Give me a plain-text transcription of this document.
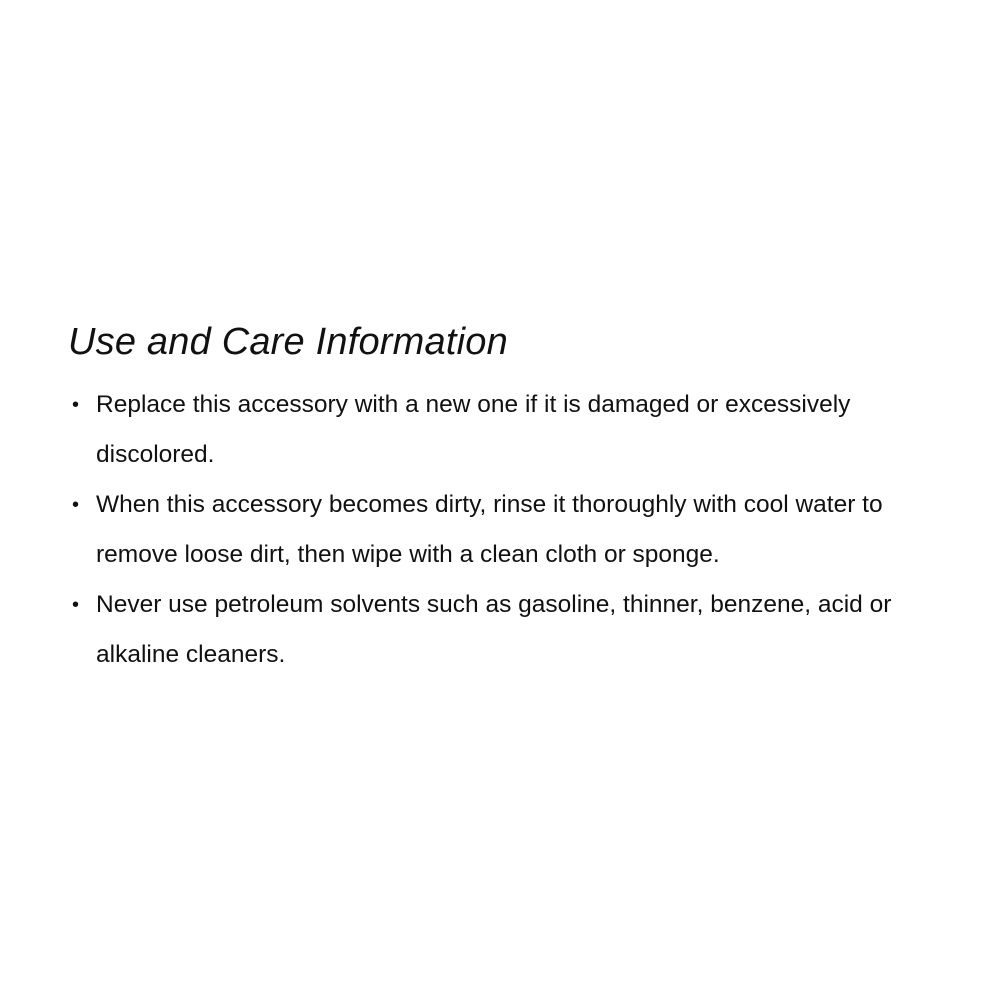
Use and Care Information
• Replace this accessory with a new one if it is damaged or excessively discolored.
• When this accessory becomes dirty, rinse it thoroughly with cool water to remove loose dirt, then wipe with a clean cloth or sponge.
• Never use petroleum solvents such as gasoline, thinner, benzene, acid or alkaline cleaners.
